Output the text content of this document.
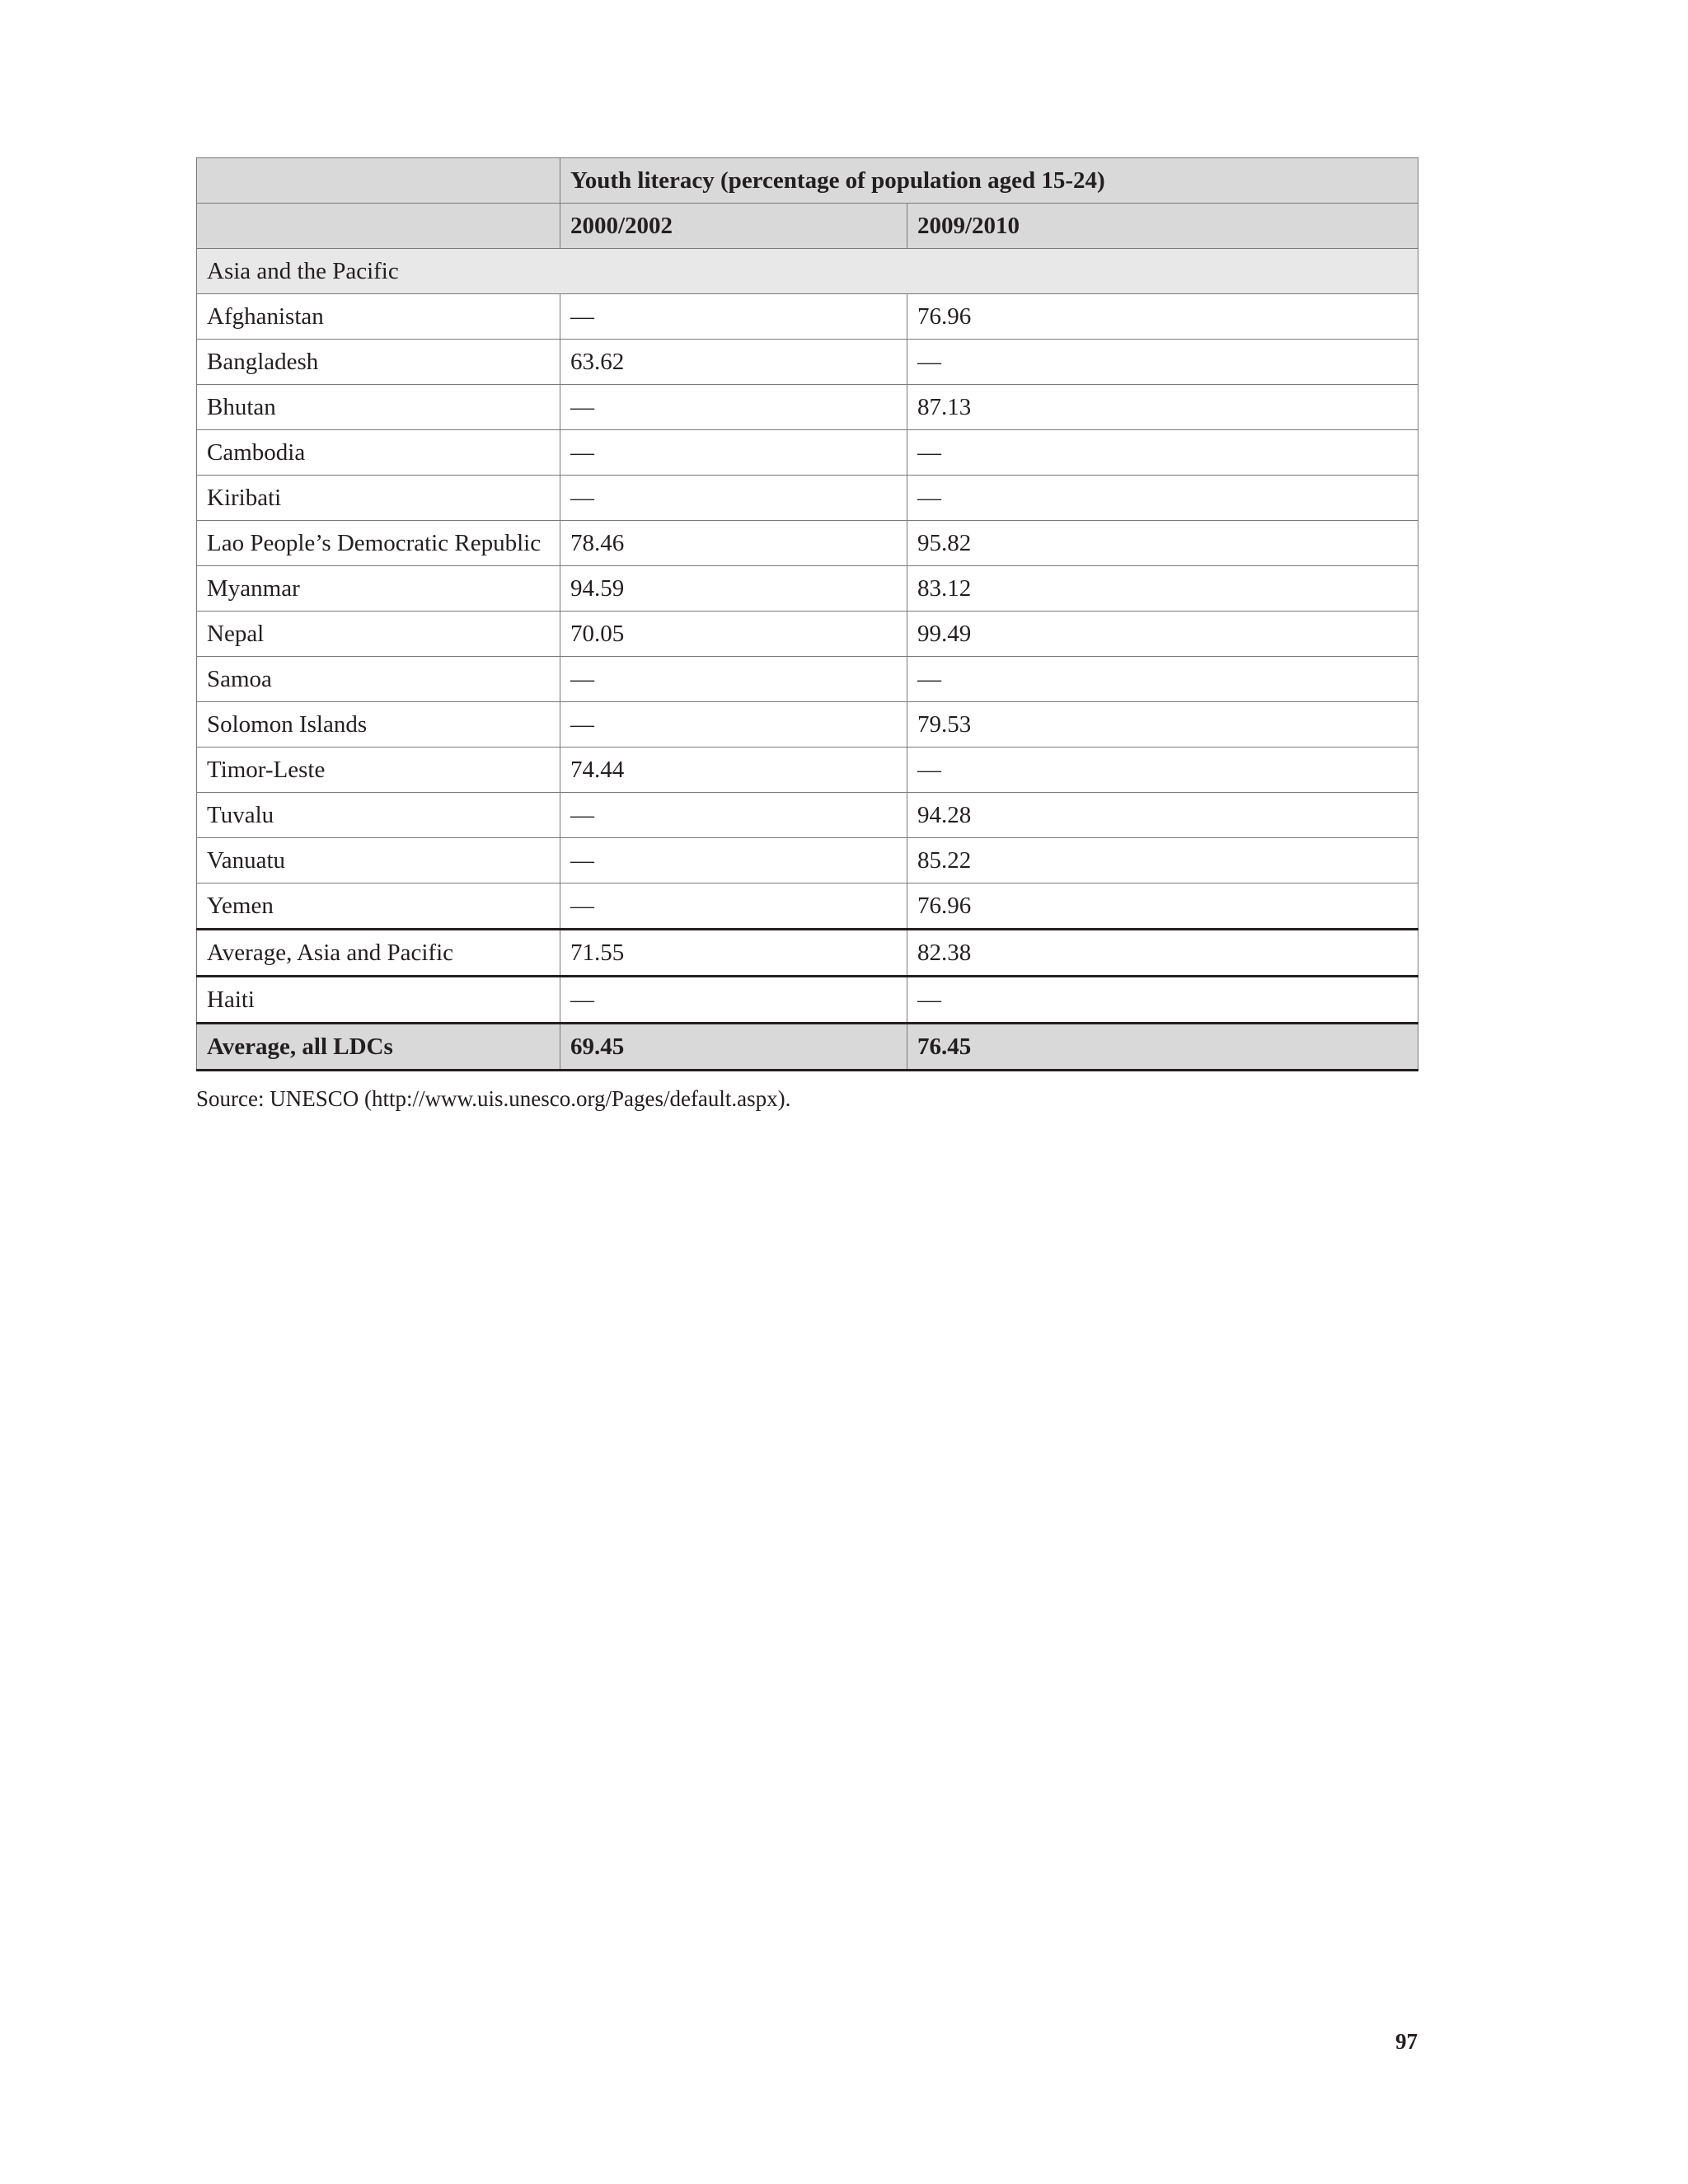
	Youth literacy (percentage of population aged 15-24)	
	2000/2002	2009/2010
Asia and the Pacific		
Afghanistan	—	76.96
Bangladesh	63.62	—
Bhutan	—	87.13
Cambodia	—	—
Kiribati	—	—
Lao People’s Democratic Republic	78.46	95.82
Myanmar	94.59	83.12
Nepal	70.05	99.49
Samoa	—	—
Solomon Islands	—	79.53
Timor-Leste	74.44	—
Tuvalu	—	94.28
Vanuatu	—	85.22
Yemen	—	76.96
Average, Asia and Pacific	71.55	82.38
Haiti	—	—
Average, all LDCs	69.45	76.45
Source: UNESCO (http://www.uis.unesco.org/Pages/default.aspx).
97
